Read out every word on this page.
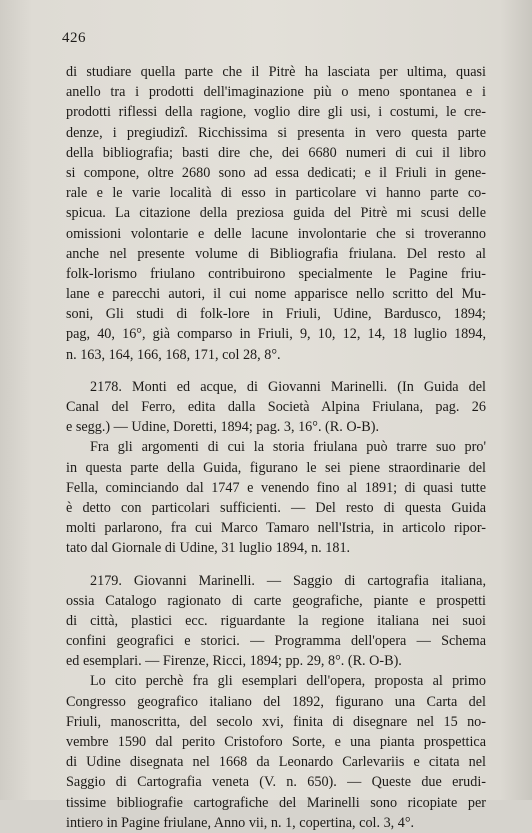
426
di studiare quella parte che il Pitrè ha lasciata per ultima, quasi
anello tra i prodotti dell'imaginazione più o meno spontanea e i
prodotti riflessi della ragione, voglio dire gli usi, i costumi, le cre-
denze, i pregiudizî. Ricchissima si presenta in vero questa parte
della bibliografia; basti dire che, dei 6680 numeri di cui il libro
si compone, oltre 2680 sono ad essa dedicati; e il Friuli in gene-
rale e le varie località di esso in particolare vi hanno parte co-
spicua. La citazione della preziosa guida del Pitrè mi scusi delle
omissioni volontarie e delle lacune involontarie che si troveranno
anche nel presente volume di Bibliografia friulana. Del resto al
folk-lorismo friulano contribuirono specialmente le Pagine friu-
lane e parecchi autori, il cui nome apparisce nello scritto del Mu-
soni, Gli studi di folk-lore in Friuli, Udine, Bardusco, 1894;
pag, 40, 16°, già comparso in Friuli, 9, 10, 12, 14, 18 luglio 1894,
n. 163, 164, 166, 168, 171, col 28, 8°.
2178. Monti ed acque, di Giovanni Marinelli. (In Guida del
Canal del Ferro, edita dalla Società Alpina Friulana, pag. 26
e segg.) — Udine, Doretti, 1894; pag. 3, 16°. (R. O-B).
Fra gli argomenti di cui la storia friulana può trarre suo pro'
in questa parte della Guida, figurano le sei piene straordinarie del
Fella, cominciando dal 1747 e venendo fino al 1891; di quasi tutte
è detto con particolari sufficienti. — Del resto di questa Guida
molti parlarono, fra cui Marco Tamaro nell'Istria, in articolo ripor-
tato dal Giornale di Udine, 31 luglio 1894, n. 181.
2179. Giovanni Marinelli. — Saggio di cartografia italiana,
ossia Catalogo ragionato di carte geografiche, piante e prospetti
di città, plastici ecc. riguardante la regione italiana nei suoi
confini geografici e storici. — Programma dell'opera — Schema
ed esemplari. — Firenze, Ricci, 1894; pp. 29, 8°. (R. O-B).
Lo cito perchè fra gli esemplari dell'opera, proposta al primo
Congresso geografico italiano del 1892, figurano una Carta del
Friuli, manoscritta, del secolo xvi, finita di disegnare nel 15 no-
vembre 1590 dal perito Cristoforo Sorte, e una pianta prospettica
di Udine disegnata nel 1668 da Leonardo Carlevariis e citata nel
Saggio di Cartografia veneta (V. n. 650). — Queste due erudi-
tissime bibliografie cartografiche del Marinelli sono ricopiate per
intiero in Pagine friulane, Anno vii, n. 1, copertina, col. 3, 4°.
